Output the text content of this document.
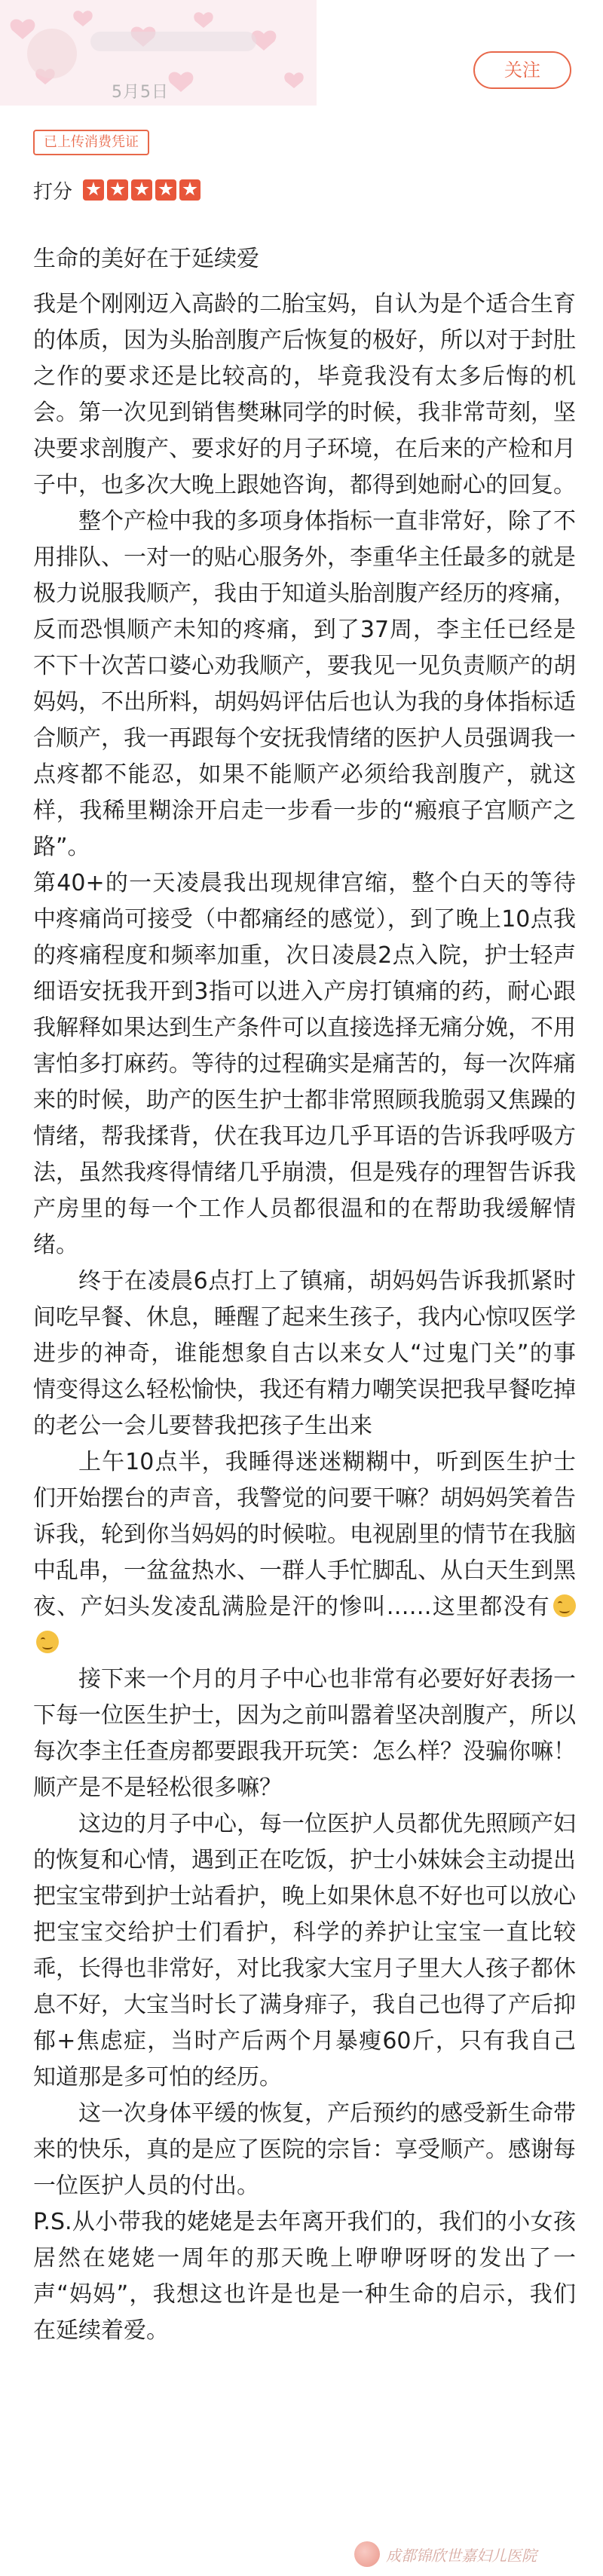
5月5日
关注
已上传消费凭证
打分

生命的美好在于延续爱

我是个刚刚迈入高龄的二胎宝妈，自认为是个适合生育的体质，因为头胎剖腹产后恢复的极好，所以对于封肚之作的要求还是比较高的，毕竟我没有太多后悔的机会。第一次见到销售樊琳同学的时候，我非常苛刻，坚决要求剖腹产、要求好的月子环境，在后来的产检和月子中，也多次大晚上跟她咨询，都得到她耐心的回复。

整个产检中我的多项身体指标一直非常好，除了不用排队、一对一的贴心服务外，李重华主任最多的就是极力说服我顺产，我由于知道头胎剖腹产经历的疼痛，反而恐惧顺产未知的疼痛，到了37周，李主任已经是不下十次苦口婆心劝我顺产，要我见一见负责顺产的胡妈妈，不出所料，胡妈妈评估后也认为我的身体指标适合顺产，我一再跟每个安抚我情绪的医护人员强调我一点疼都不能忍，如果不能顺产必须给我剖腹产，就这样，我稀里糊涂开启走一步看一步的“瘢痕子宫顺产之路”。

第40+的一天凌晨我出现规律宫缩，整个白天的等待中疼痛尚可接受（中都痛经的感觉），到了晚上10点我的疼痛程度和频率加重，次日凌晨2点入院，护士轻声细语安抚我开到3指可以进入产房打镇痛的药，耐心跟我解释如果达到生产条件可以直接选择无痛分娩，不用害怕多打麻药。等待的过程确实是痛苦的，每一次阵痛来的时候，助产的医生护士都非常照顾我脆弱又焦躁的情绪，帮我揉背，伏在我耳边几乎耳语的告诉我呼吸方法，虽然我疼得情绪几乎崩溃，但是残存的理智告诉我产房里的每一个工作人员都很温和的在帮助我缓解情绪。

终于在凌晨6点打上了镇痛，胡妈妈告诉我抓紧时间吃早餐、休息，睡醒了起来生孩子，我内心惊叹医学进步的神奇，谁能想象自古以来女人“过鬼门关”的事情变得这么轻松愉快，我还有精力嘲笑误把我早餐吃掉的老公一会儿要替我把孩子生出来

上午10点半，我睡得迷迷糊糊中，听到医生护士们开始摆台的声音，我警觉的问要干嘛？胡妈妈笑着告诉我，轮到你当妈妈的时候啦。电视剧里的情节在我脑中乱串，一盆盆热水、一群人手忙脚乱、从白天生到黑夜、产妇头发凌乱满脸是汗的惨叫……这里都没有

接下来一个月的月子中心也非常有必要好好表扬一下每一位医生护士，因为之前叫嚣着坚决剖腹产，所以每次李主任查房都要跟我开玩笑：怎么样？没骗你嘛！顺产是不是轻松很多嘛？

这边的月子中心，每一位医护人员都优先照顾产妇的恢复和心情，遇到正在吃饭，护士小妹妹会主动提出把宝宝带到护士站看护，晚上如果休息不好也可以放心把宝宝交给护士们看护，科学的养护让宝宝一直比较乖，长得也非常好，对比我家大宝月子里大人孩子都休息不好，大宝当时长了满身痱子，我自己也得了产后抑郁+焦虑症，当时产后两个月暴瘦60斤，只有我自己知道那是多可怕的经历。

这一次身体平缓的恢复，产后预约的感受新生命带来的快乐，真的是应了医院的宗旨：享受顺产。感谢每一位医护人员的付出。

P.S.从小带我的姥姥是去年离开我们的，我们的小女孩居然在姥姥一周年的那天晚上咿咿呀呀的发出了一声“妈妈”，我想这也许是也是一种生命的启示，我们在延续着爱。

成都锦欣世嘉妇儿医院
